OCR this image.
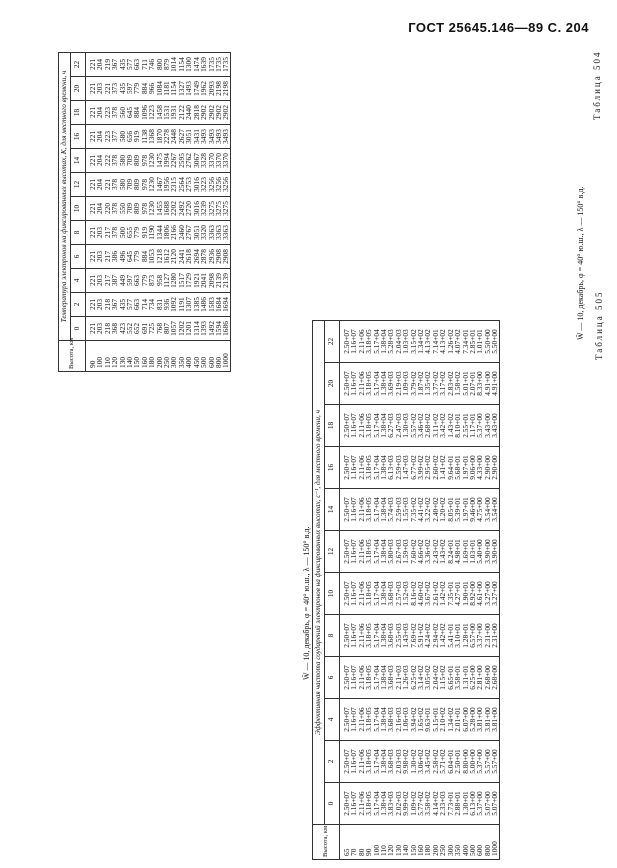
ГОСТ 25645.146—89 С. 204
Таблица 504
W̄ — 10, декабрь, φ = 40° ю.ш., λ — 150° в.д.
Высота, км	Температура электронов на фиксированных высотах, K, для местного времени, ч											
	0	2	4	6	8	10	12	14	16	18	20	22
90	221	221	221	221	221	221	221	221	221	221	221	221
100	203	203	203	203	203	204	204	204	204	204	203	204
110	218	218	217	217	217	220	221	222	223	223	221	219
120	368	367	387	386	378	378	378	378	377	378	373	367
130	423	435	449	496	500	550	580	580	580	560	435	435
140	552	577	597	645	655	709	709	709	656	645	597	577
150	652	663	663	779	779	809	809	809	919	884	779	663
160	691	714	779	884	919	978	978	978	1138	1096	884	711
180	725	734	873	1053	1190	1230	1230	1230	1368	1223	966	746
200	768	831	958	1218	1344	1455	1467	1475	1870	1458	1084	800
250	807	936	1127	1612	1806	1688	1956	1994	2278	1531	1181	879
300	1057	1092	1280	2120	2166	2202	2315	2267	2448	1931	1154	1014
350	1202	1191	1517	2441	2460	2492	2564	2595	2627	2122	1327	1154
400	1201	1307	1729	2618	2767	2720	2753	2762	3051	2440	1493	1300
450	1314	1385	1921	2694	3051	3016	3016	3067	3431	2818	1749	1474
500	1393	1486	2041	2878	3320	3239	3223	3328	3493	2902	1962	1639
600	1492	1583	2098	2936	3363	3275	3256	3370	3493	2902	2093	1735
800	1594	1684	2139	2908	3363	3275	3256	3370	3493	2902	2198	1735
1000	1686	1694	2139	2908	3363	3275	3256	3370	3493	2902	2198	1735
Таблица 505
W̄ — 10, декабрь, φ = 40° ю.ш., λ — 150° в.д.
Высота, км	Эффективная частота соударений электронов на фиксированных высотах, c⁻¹, для местного времени, ч											
	0	2	4	6	8	10	12	14	16	18	20	22
65	2.50+07	2.50+07	2.50+07	2.50+07	2.50+07	2.50+07	2.50+07	2.50+07	2.50+07	2.50+07	2.50+07	2.50+07
70	1.16+07	1.16+07	1.16+07	1.16+07	1.16+07	1.16+07	1.16+07	1.16+07	1.16+07	1.16+07	1.16+07	1.16+07
80	2.11+06	2.11+06	2.11+06	2.11+06	2.11+06	2.11+06	2.11+06	2.11+06	2.11+06	2.11+06	2.11+06	2.11+06
90	3.18+05	3.18+05	3.18+05	3.18+05	3.18+05	3.18+05	3.18+05	3.18+05	3.18+05	3.18+05	3.18+05	3.18+05
100	5.17+04	5.17+04	5.17+04	5.17+04	5.17+04	5.17+04	5.17+04	5.17+04	5.17+04	5.17+04	5.17+04	5.17+04
110	1.38+04	1.38+04	1.38+04	1.38+04	1.38+04	1.38+04	1.38+04	1.38+04	1.38+04	1.38+04	1.38+04	1.38+04
120	3.83+03	3.68+03	3.68+03	3.68+03	3.68+03	3.68+03	5.80+03	5.74+03	6.13+03	6.27+03	3.69+03	5.28+03
130	2.02+03	2.03+03	2.16+03	2.11+03	2.55+03	2.57+03	2.67+03	2.59+03	2.59+03	2.47+03	2.19+03	2.04+03
140	9.99+02	9.98+02	1.06+03	1.26+03	1.43+03	1.52+03	1.59+03	1.55+03	1.47+03	1.30+03	1.09+03	1.03+03
150	1.09+02	1.30+02	3.94+02	6.25+02	7.69+02	8.16+02	7.60+02	7.35+02	6.77+02	5.57+02	3.79+02	3.15+02
160	5.77+02	3.06+02	1.65+02	3.14+02	5.91+02	4.60+02	4.66+02	4.41+02	3.99+02	3.46+02	1.87+02	1.34+02
180	3.58+02	3.45+02	9.63+01	3.05+02	4.24+02	3.67+02	3.36+02	3.22+02	2.95+02	2.68+02	1.35+02	4.13+02
200	4.14+02	2.58+02	5.15+01	2.04+02	2.94+02	2.61+02	2.43+02	2.40+02	2.60+02	3.11+02	3.77+02	7.14+01
250	2.33+03	5.71+02	2.10+02	1.15+02	1.42+02	1.42+02	1.43+02	1.20+02	1.41+02	3.42+02	3.17+02	4.13+02
300	7.73+01	6.04+01	1.34+02	6.65+01	5.41+01	7.35+01	8.24+01	8.05+01	9.64+01	1.43+02	2.83+02	1.26+02
350	2.88+01	2.50+01	2.01+01	3.58+01	3.10+01	4.27+01	4.98+01	5.39+01	5.68+01	8.10+01	1.58+02	4.07+02
400	1.30+01	8.80+00	6.07+00	1.31+01	1.28+01	1.90+01	1.69+01	1.97+01	1.97+01	2.55+01	5.01+01	7.34+01
500	6.13+00	5.00+00	5.28+00	6.25+00	6.57+00	8.92+00	1.03+01	9.46+00	9.06+00	1.17+01	2.07+01	2.85+01
600	5.37+00	5.37+00	3.81+00	2.81+00	3.37+00	4.61+00	5.40+00	4.75+00	4.33+00	5.37+00	8.33+00	1.01+01
800	5.07+00	5.57+00	3.81+00	2.68+00	2.31+00	3.27+00	3.90+00	3.54+00	2.90+00	3.43+00	4.91+00	5.50+00
1000	5.07+00	5.57+00	3.81+00	2.68+00	2.31+00	3.27+00	3.90+00	3.54+00	2.90+00	3.43+00	4.91+00	5.50+00
